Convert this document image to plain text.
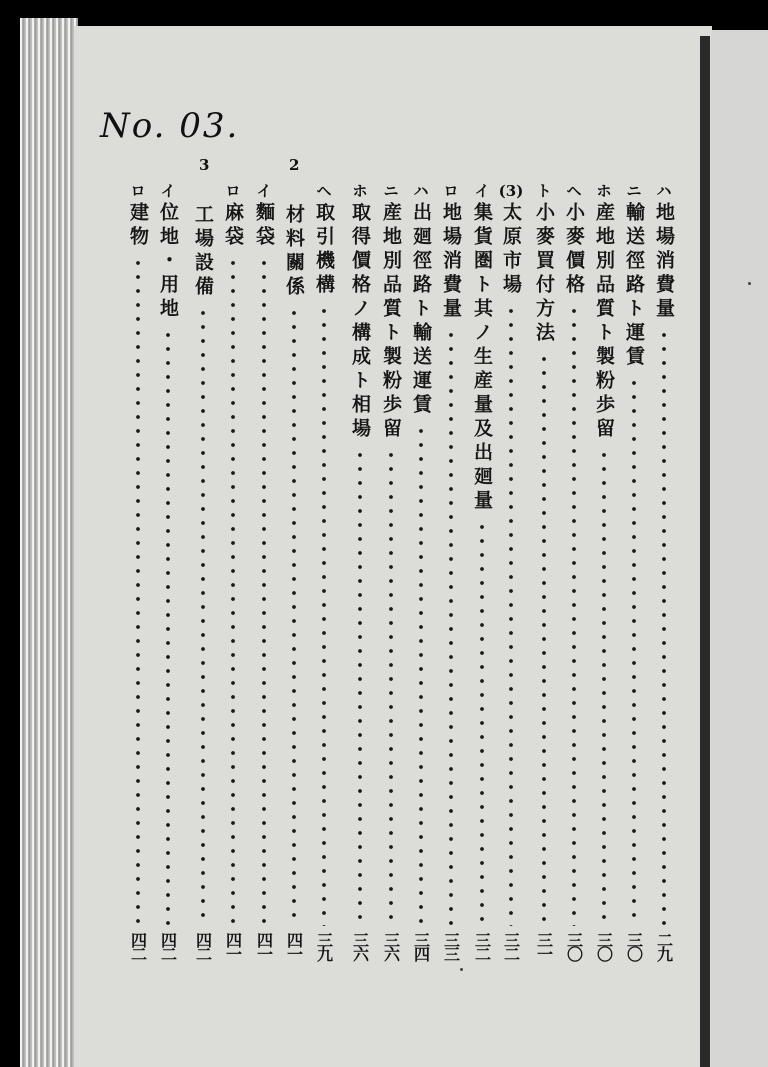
No. 03.
3	2
ハ
地場消費量
二九
ニ
輸送徑路ト運賃
三〇
ホ
産地別品質ト製粉歩留
三〇
ヘ
小麥價格
三〇
ト
小麥買付方法
三一
(3)
太原市場
三二
イ
集貨圏ト其ノ生産量及出廻量
三二
ロ
地場消費量
三三
ハ
出廻徑路ト輸送運賃
三四
ニ
産地別品質ト製粉歩留
三六
ホ
取得價格ノ構成ト相場
三六
ヘ
取引機構
三九
材料關係
四一
イ
麵袋
四一
ロ
麻袋
四一
工場設備
四二
イ
位地・用地
四二
ロ
建物
四二
